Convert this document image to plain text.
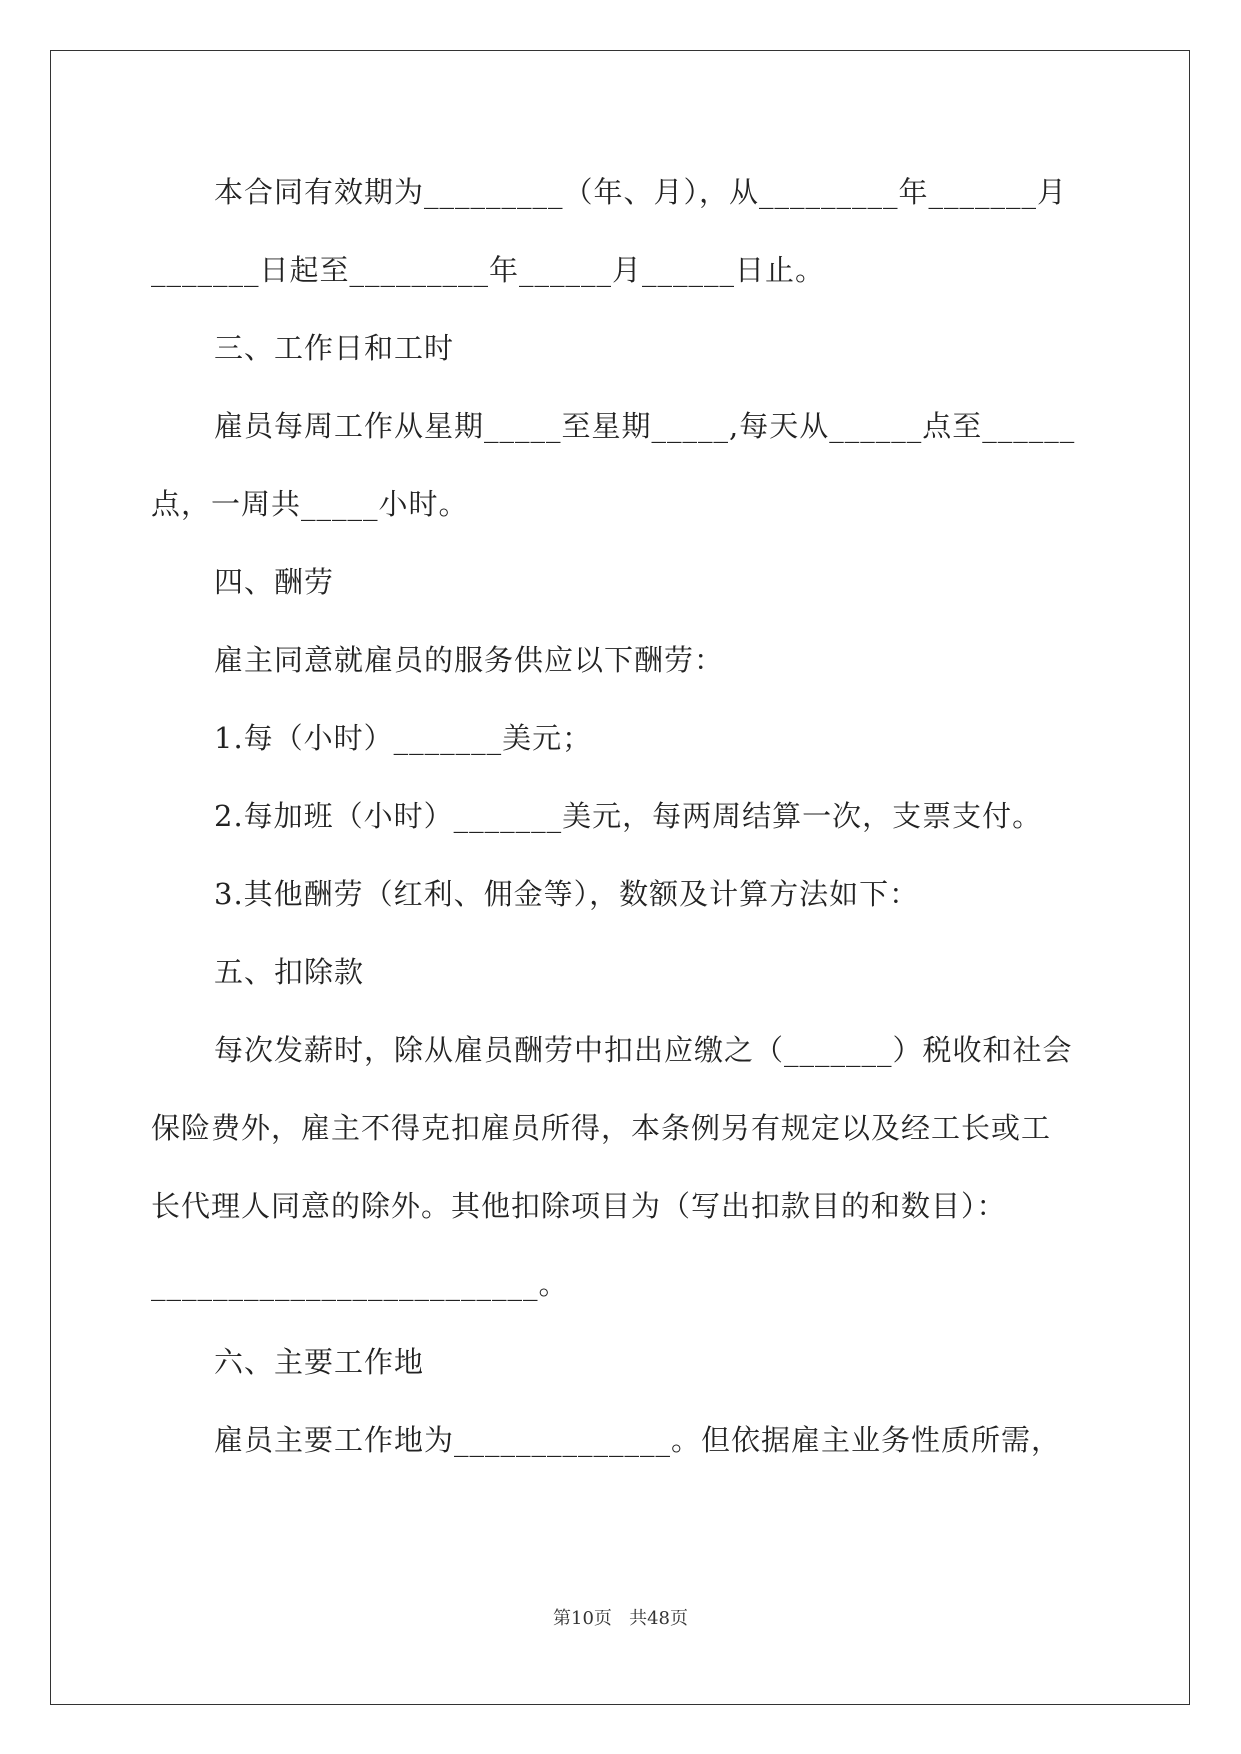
本合同有效期为_________（年、月），从_________年_______月
_______日起至_________年______月______日止。
三、工作日和工时
雇员每周工作从星期_____至星期_____,每天从______点至______
点，一周共_____小时。
四、酬劳
雇主同意就雇员的服务供应以下酬劳：
1.每（小时）_______美元；
2.每加班（小时）_______美元，每两周结算一次，支票支付。
3.其他酬劳（红利、佣金等），数额及计算方法如下：
五、扣除款
每次发薪时，除从雇员酬劳中扣出应缴之（_______）税收和社会
保险费外，雇主不得克扣雇员所得，本条例另有规定以及经工长或工
长代理人同意的除外。其他扣除项目为（写出扣款目的和数目）：
_________________________。
六、主要工作地
雇员主要工作地为______________。但依据雇主业务性质所需，
第10页   共48页
